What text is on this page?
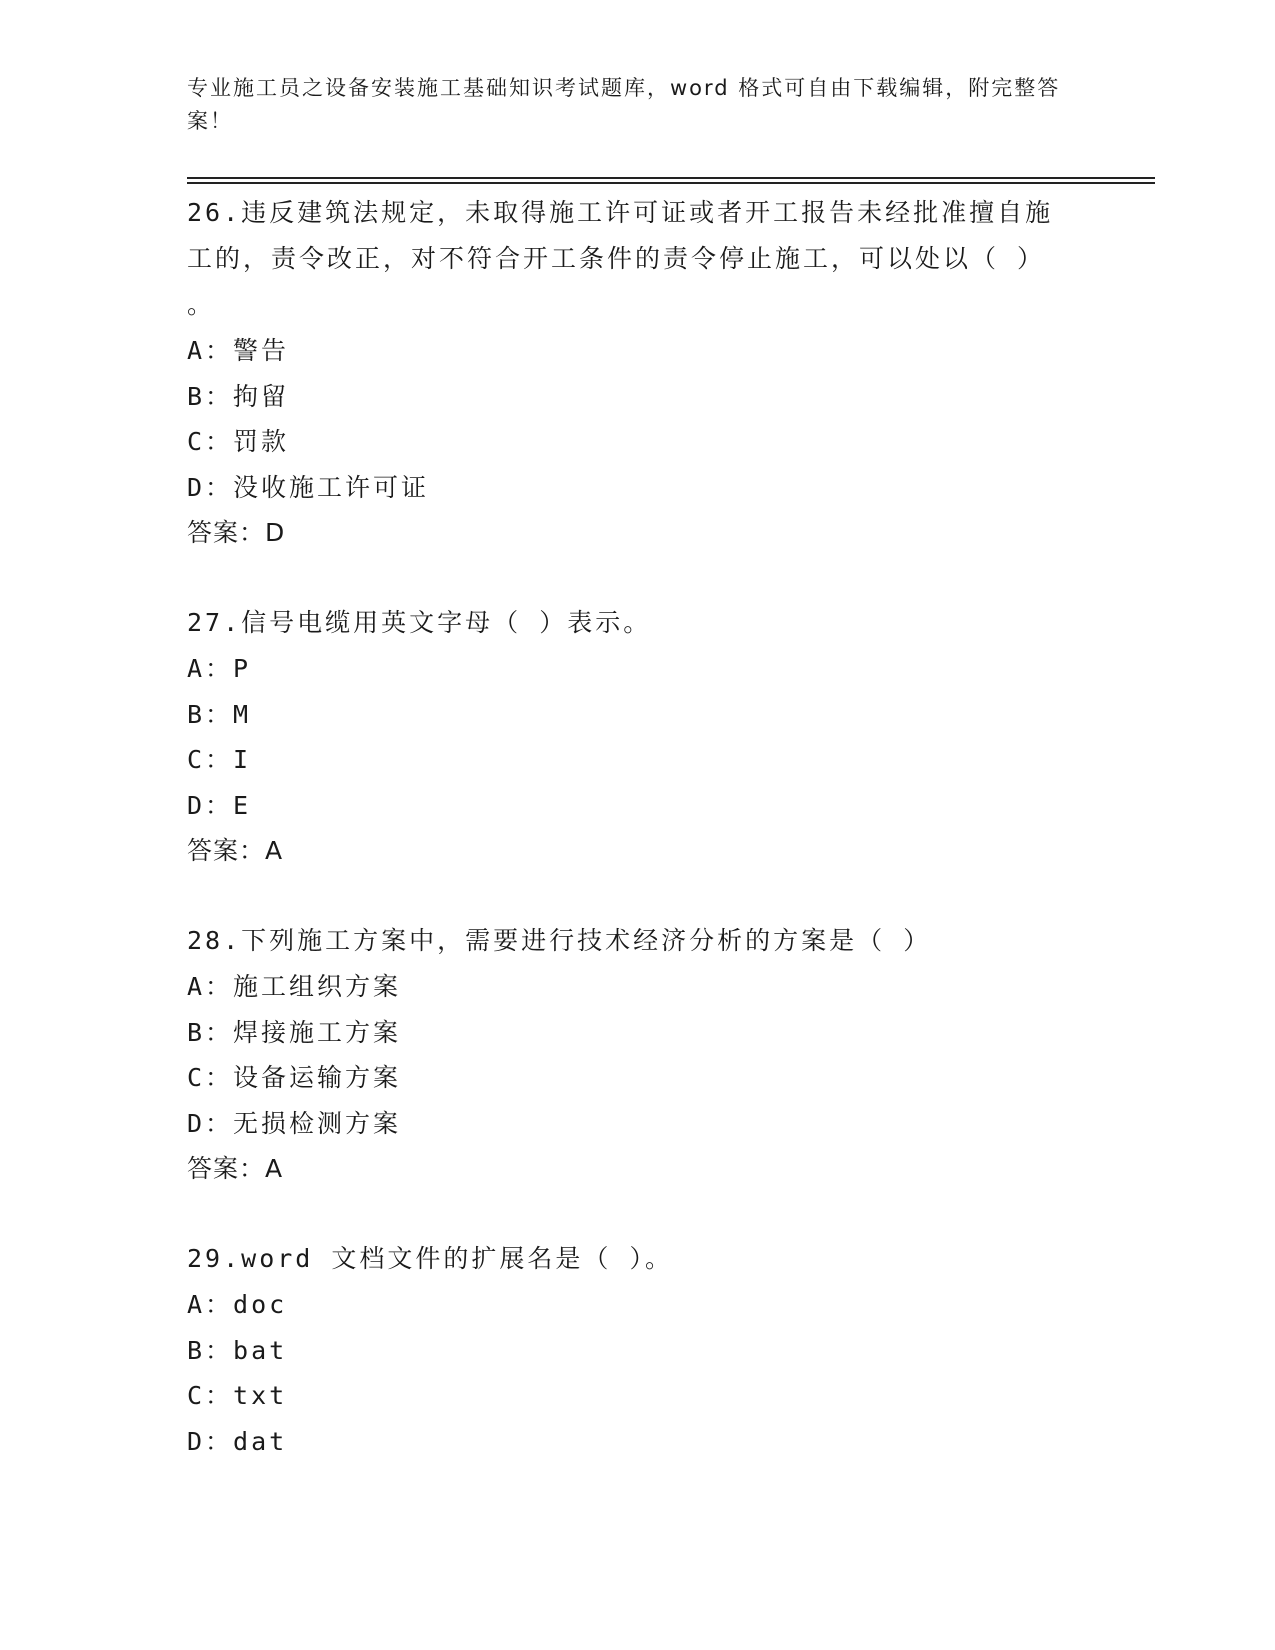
专业施工员之设备安装施工基础知识考试题库，word 格式可自由下载编辑，附完整答案！

26.违反建筑法规定，未取得施工许可证或者开工报告未经批准擅自施

工的，责令改正，对不符合开工条件的责令停止施工，可以处以（ ）

。

A：警告

B：拘留

C：罚款

D：没收施工许可证

答案：D

27.信号电缆用英文字母（ ）表示。

A：P

B：M

C：I

D：E

答案：A

28.下列施工方案中，需要进行技术经济分析的方案是（ ）

A：施工组织方案

B：焊接施工方案

C：设备运输方案

D：无损检测方案

答案：A

29.word 文档文件的扩展名是（ ）。

A：doc

B：bat

C：txt

D：dat
